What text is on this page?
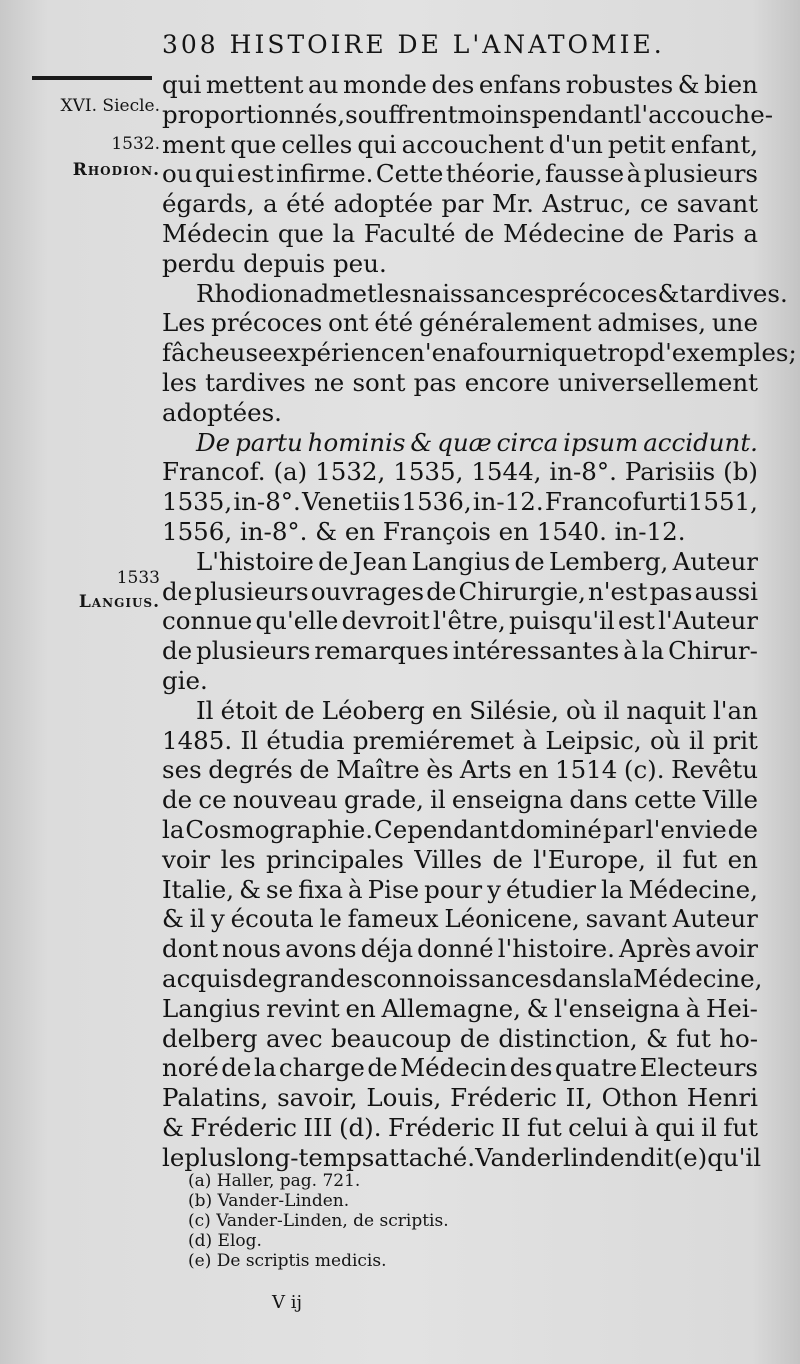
308 HISTOIRE DE L'ANATOMIE.
XVI. Siecle.
1532.
Rhodion.
1533
Langius.
qui mettent au monde des enfans robustes & bien
proportionnés, souffrent moins pendant l'accouche-
ment que celles qui accouchent d'un petit enfant,
ou qui est infirme. Cette théorie, fausse à plusieurs
égards, a été adoptée par Mr. Astruc, ce savant
Médecin que la Faculté de Médecine de Paris a
perdu depuis peu.
Rhodion admet les naissances précoces & tardives.
Les précoces ont été généralement admises, une
fâcheuse expérience n'en a fourni que trop d'exemples;
les tardives ne sont pas encore universellement
adoptées.
De partu hominis & quæ circa ipsum accidunt.
Francof. (a) 1532, 1535, 1544, in-8°. Parisiis (b)
1535, in-8°. Venetiis 1536, in-12. Francofurti 1551,
1556, in-8°. & en François en 1540. in-12.
L'histoire de Jean Langius de Lemberg, Auteur
de plusieurs ouvrages de Chirurgie, n'est pas aussi
connue qu'elle devroit l'être, puisqu'il est l'Auteur
de plusieurs remarques intéressantes à la Chirur-
gie.
Il étoit de Léoberg en Silésie, où il naquit l'an
1485. Il étudia premiéremet à Leipsic, où il prit
ses degrés de Maître ès Arts en 1514 (c). Revêtu
de ce nouveau grade, il enseigna dans cette Ville
la Cosmographie. Cependant dominé par l'envie de
voir les principales Villes de l'Europe, il fut en
Italie, & se fixa à Pise pour y étudier la Médecine,
& il y écouta le fameux Léonicene, savant Auteur
dont nous avons déja donné l'histoire. Après avoir
acquis de grandes connoissances dans la Médecine,
Langius revint en Allemagne, & l'enseigna à Hei-
delberg avec beaucoup de distinction, & fut ho-
noré de la charge de Médecin des quatre Electeurs
Palatins, savoir, Louis, Fréderic II, Othon Henri
& Fréderic III (d). Fréderic II fut celui à qui il fut
le plus long-temps attaché. Vanderlinden dit (e) qu'il
(a) Haller, pag. 721.
(b) Vander-Linden.
(c) Vander-Linden, de scriptis.
(d) Elog.
(e) De scriptis medicis.
V ij
